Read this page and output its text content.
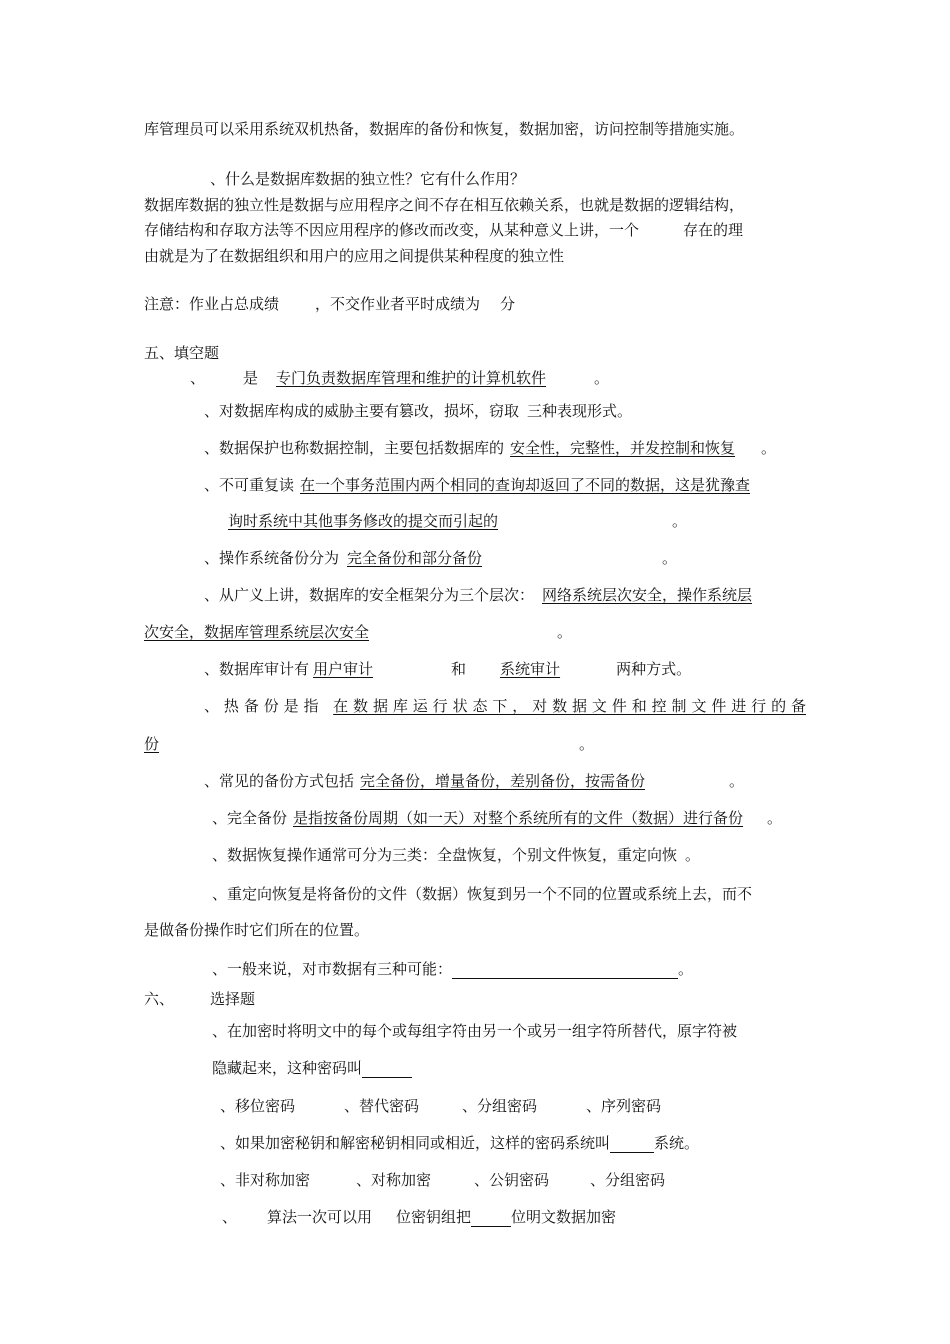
库管理员可以采用系统双机热备，数据库的备份和恢复，数据加密，访问控制等措施实施。
、什么是数据库数据的独立性？它有什么作用？
数据库数据的独立性是数据与应用程序之间不存在相互依赖关系，也就是数据的逻辑结构，
存储结构和存取方法等不因应用程序的修改而改变，从某种意义上讲，一个	存在的理
由就是为了在数据组织和用户的应用之间提供某种程度的独立性
注意：作业占总成绩 ，不交作业者平时成绩为 分
五、填空题
、	是 专门负责数据库管理和维护的计算机软件	。
、对数据库构成的威胁主要有篡改，损坏，窃取 三种表现形式。
、数据保护也称数据控制，主要包括数据库的 安全性，完整性，并发控制和恢复 。
、不可重复读 在一个事务范围内两个相同的查询却返回了不同的数据，这是犹豫查
询时系统中其他事务修改的提交而引起的	。
、操作系统备份分为 完全备份和部分备份	。
、从广义上讲，数据库的安全框架分为三个层次： 网络系统层次安全，操作系统层
次安全，数据库管理系统层次安全	。
、数据库审计有 用户审计	和 系统审计	两种方式。
、热备份是指 在数据库运行状态下，对数据文件和控制文件进行的备
份	。
、常见的备份方式包括 完全备份，增量备份，差别备份，按需备份	。
、完全备份 是指按备份周期（如一天）对整个系统所有的文件（数据）进行备份 。
、数据恢复操作通常可分为三类：全盘恢复，个别文件恢复，重定向恢 。
、重定向恢复是将备份的文件（数据）恢复到另一个不同的位置或系统上去，而不
是做备份操作时它们所在的位置。
、一般来说，对市数据有三种可能：	。
六、 选择题
、在加密时将明文中的每个或每组字符由另一个或另一组字符所替代，原字符被
隐藏起来，这种密码叫
、移位密码	、替代密码	、分组密码	、序列密码
、如果加密秘钥和解密秘钥相同或相近，这样的密码系统叫	系统。
、非对称加密	、对称加密	、公钥密码	、分组密码
、 算法一次可以用 位密钥组把	位明文数据加密
